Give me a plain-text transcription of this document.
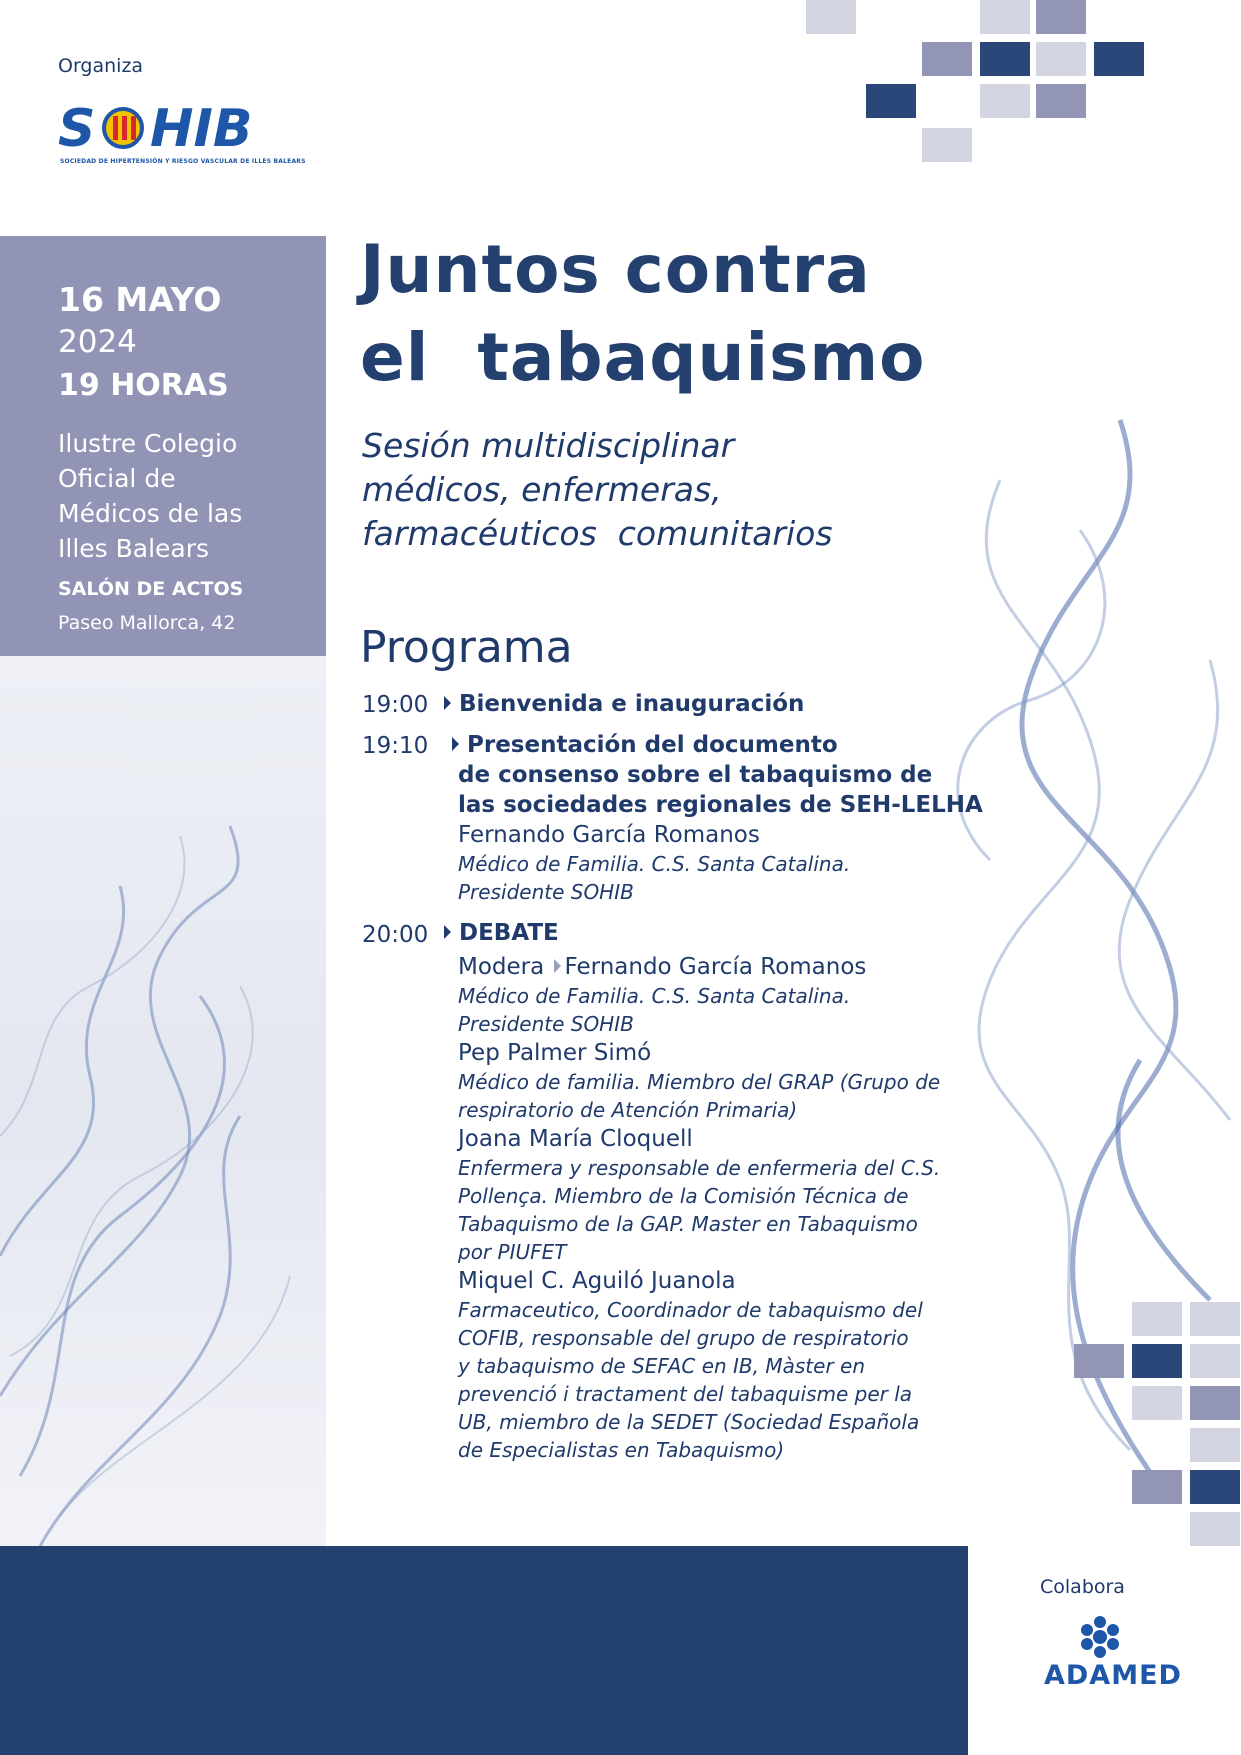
Organiza
S HIB
SOCIEDAD DE HIPERTENSIÓN Y RIESGO VASCULAR DE ILLES BALEARS
16 MAYO
2024
19 HORAS
Ilustre Colegio
Oficial de
Médicos de las
Illes Balears
SALÓN DE ACTOS
Paseo Mallorca, 42
Juntos contra
el  tabaquismo
Sesión multidisciplinar
médicos, enfermeras,
farmacéuticos  comunitarios
Programa
19:00	Bienvenida e inauguración
19:10	Presentación del documento
de consenso sobre el tabaquismo de
las sociedades regionales de SEH-LELHA
Fernando García Romanos
Médico de Familia. C.S. Santa Catalina.
Presidente SOHIB
20:00	DEBATE
Modera Fernando García Romanos
Médico de Familia. C.S. Santa Catalina.
Presidente SOHIB
Pep Palmer Simó
Médico de familia. Miembro del GRAP (Grupo de
respiratorio de Atención Primaria)
Joana María Cloquell
Enfermera y responsable de enfermeria del C.S.
Pollença. Miembro de la Comisión Técnica de
Tabaquismo de la GAP. Master en Tabaquismo
por PIUFET
Miquel C. Aguiló Juanola
Farmaceutico, Coordinador de tabaquismo del
COFIB, responsable del grupo de respiratorio
y tabaquismo de SEFAC en IB, Màster en
prevenció i tractament del tabaquisme per la
UB, miembro de la SEDET (Sociedad Española
de Especialistas en Tabaquismo)
Colabora
ADAMED
